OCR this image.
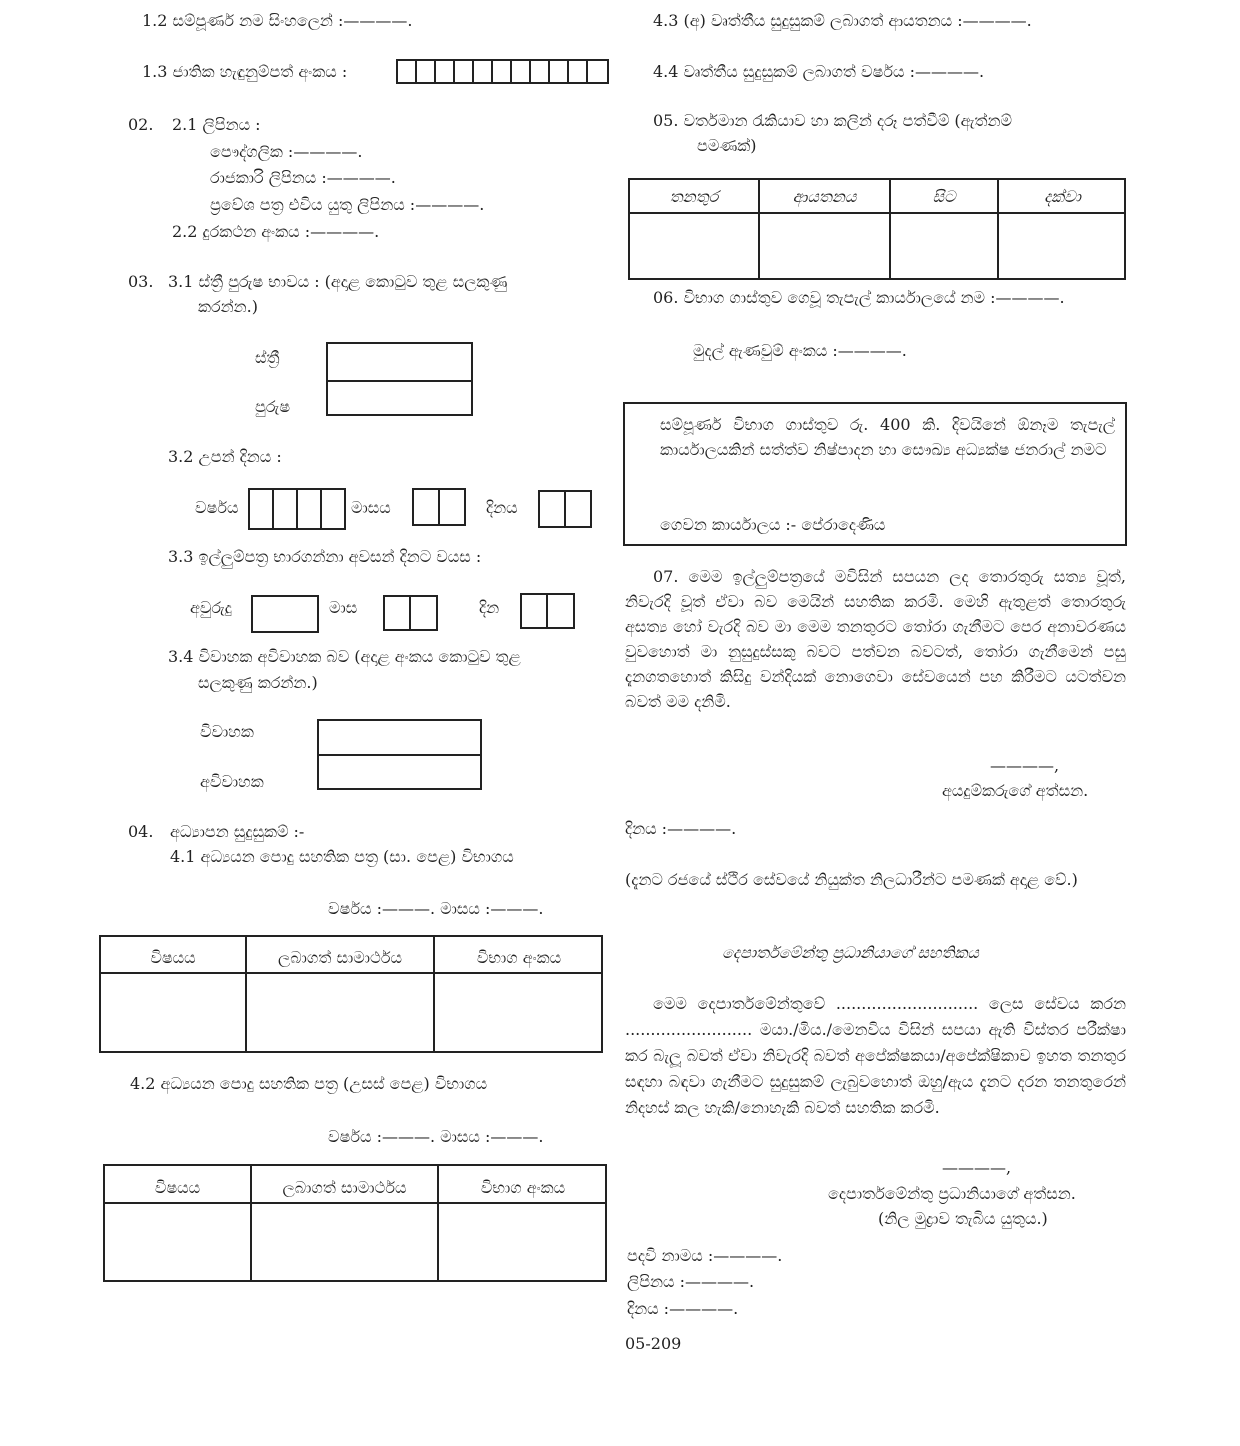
1.2 සම්පූර්ණ නම සිංහලෙන් :————.
1.3 ජාතික හැඳුනුම්පත් අංකය :
02. 2.1 ලිපිනය :
පෞද්ගලික :————.
රාජකාරි ලිපිනය :————.
ප්‍රවේශ පත්‍ර එවිය යුතු ලිපිනය :————.
2.2 දුරකථන අංකය :————.
03. 3.1 ස්ත්‍රී පුරුෂ භාවය : (අදාළ කොටුව තුළ සලකුණු
කරන්න.)
ස්ත්‍රී
පුරුෂ
3.2 උපන් දිනය :
වර්ෂය	මාසය	දිනය
3.3 ඉල්ලුම්පත්‍ර භාරගන්නා අවසන් දිනට වයස :
අවුරුදු	මාස	දින
3.4 විවාහක අවිවාහක බව (අදාළ අංකය කොටුව තුළ
සලකුණු කරන්න.)
විවාහක
අවිවාහක
04. අධ්‍යාපන සුදුසුකම් :-
4.1 අධ්‍යයන පොදු සහතික පත්‍ර (සා. පෙළ) විභාගය
වර්ෂය :———. මාසය :———.
විෂයය	ලබාගත් සාමාර්ථය	විභාග අංකය
4.2 අධ්‍යයන පොදු සහතික පත්‍ර (උසස් පෙළ) විභාගය
වර්ෂය :———. මාසය :———.
විෂයය	ලබාගත් සාමාර්ථය	විභාග අංකය
4.3 (අ) වෘත්තීය සුදුසුකම් ලබාගත් ආයතනය :————.
4.4 වෘත්තීය සුදුසුකම් ලබාගත් වර්ෂය :————.
05. වර්තමාන රැකියාව හා කලින් දරූ පත්වීම් (ඇත්නම්
පමණක්)
තනතුර	ආයතනය	සිට	දක්වා
06. විභාග ගාස්තුව ගෙවූ තැපැල් කාර්යාලයේ නම :————.
මුදල් ඇණවුම් අංකය :————.
සම්පූර්ණ විභාග ගාස්තුව රු. 400 කි. දිවයිනේ ඕනෑම තැපැල් කාර්යාලයකින් සත්ත්ව නිෂ්පාදන හා සෞඛ්‍ය අධ්‍යක්ෂ ජනරාල් නමට
ගෙවන කාර්යාලය :- පේරාදෙණිය
07. මෙම ඉල්ලුම්පත්‍රයේ මවිසින් සපයන ලද තොරතුරු සත්‍ය වූත්, නිවැරදි වූත් ඒවා බව මෙයින් සහතික කරමි. මෙහි ඇතුළත් තොරතුරු අසත්‍ය හෝ වැරදි බව මා මෙම තනතුරට තෝරා ගැනීමට පෙර අනාවරණය වුවහොත් මා නුසුදුස්සකු බවට පත්වන බවටත්, තෝරා ගැනීමෙන් පසු දැනගතහොත් කිසිදු වන්දියක් නොගෙවා සේවයෙන් පහ කිරීමට යටත්වන බවත් මම දනිමි.
————,
අයදුම්කරුගේ අත්සන.
දිනය :————.
(දැනට රජයේ ස්ථිර සේවයේ නියුක්ත නිලධාරීන්ට පමණක් අදාළ වේ.)
දෙපාර්තමේන්තු ප්‍රධානියාගේ සහතිකය
මෙම දෙපාර්තමේන්තුවේ ............................ ලෙස සේවය කරන ......................... මයා./මිය./මෙනවිය විසින් සපයා ඇති විස්තර පරීක්ෂා කර බැලූ බවත් ඒවා නිවැරදි බවත් අපේක්ෂකයා/අපේක්ෂිකාව ඉහත තනතුර සඳහා බඳවා ගැනීමට සුදුසුකම් ලැබුවහොත් ඔහු/ඇය දැනට දරන තනතුරෙන් නිදහස් කල හැකි/නොහැකි බවත් සහතික කරමි.
————,
දෙපාර්තමේන්තු ප්‍රධානියාගේ අත්සන.
(නිල මුද්‍රාව තැබිය යුතුය.)
පදවි නාමය :————.
ලිපිනය :————.
දිනය :————.
05-209
